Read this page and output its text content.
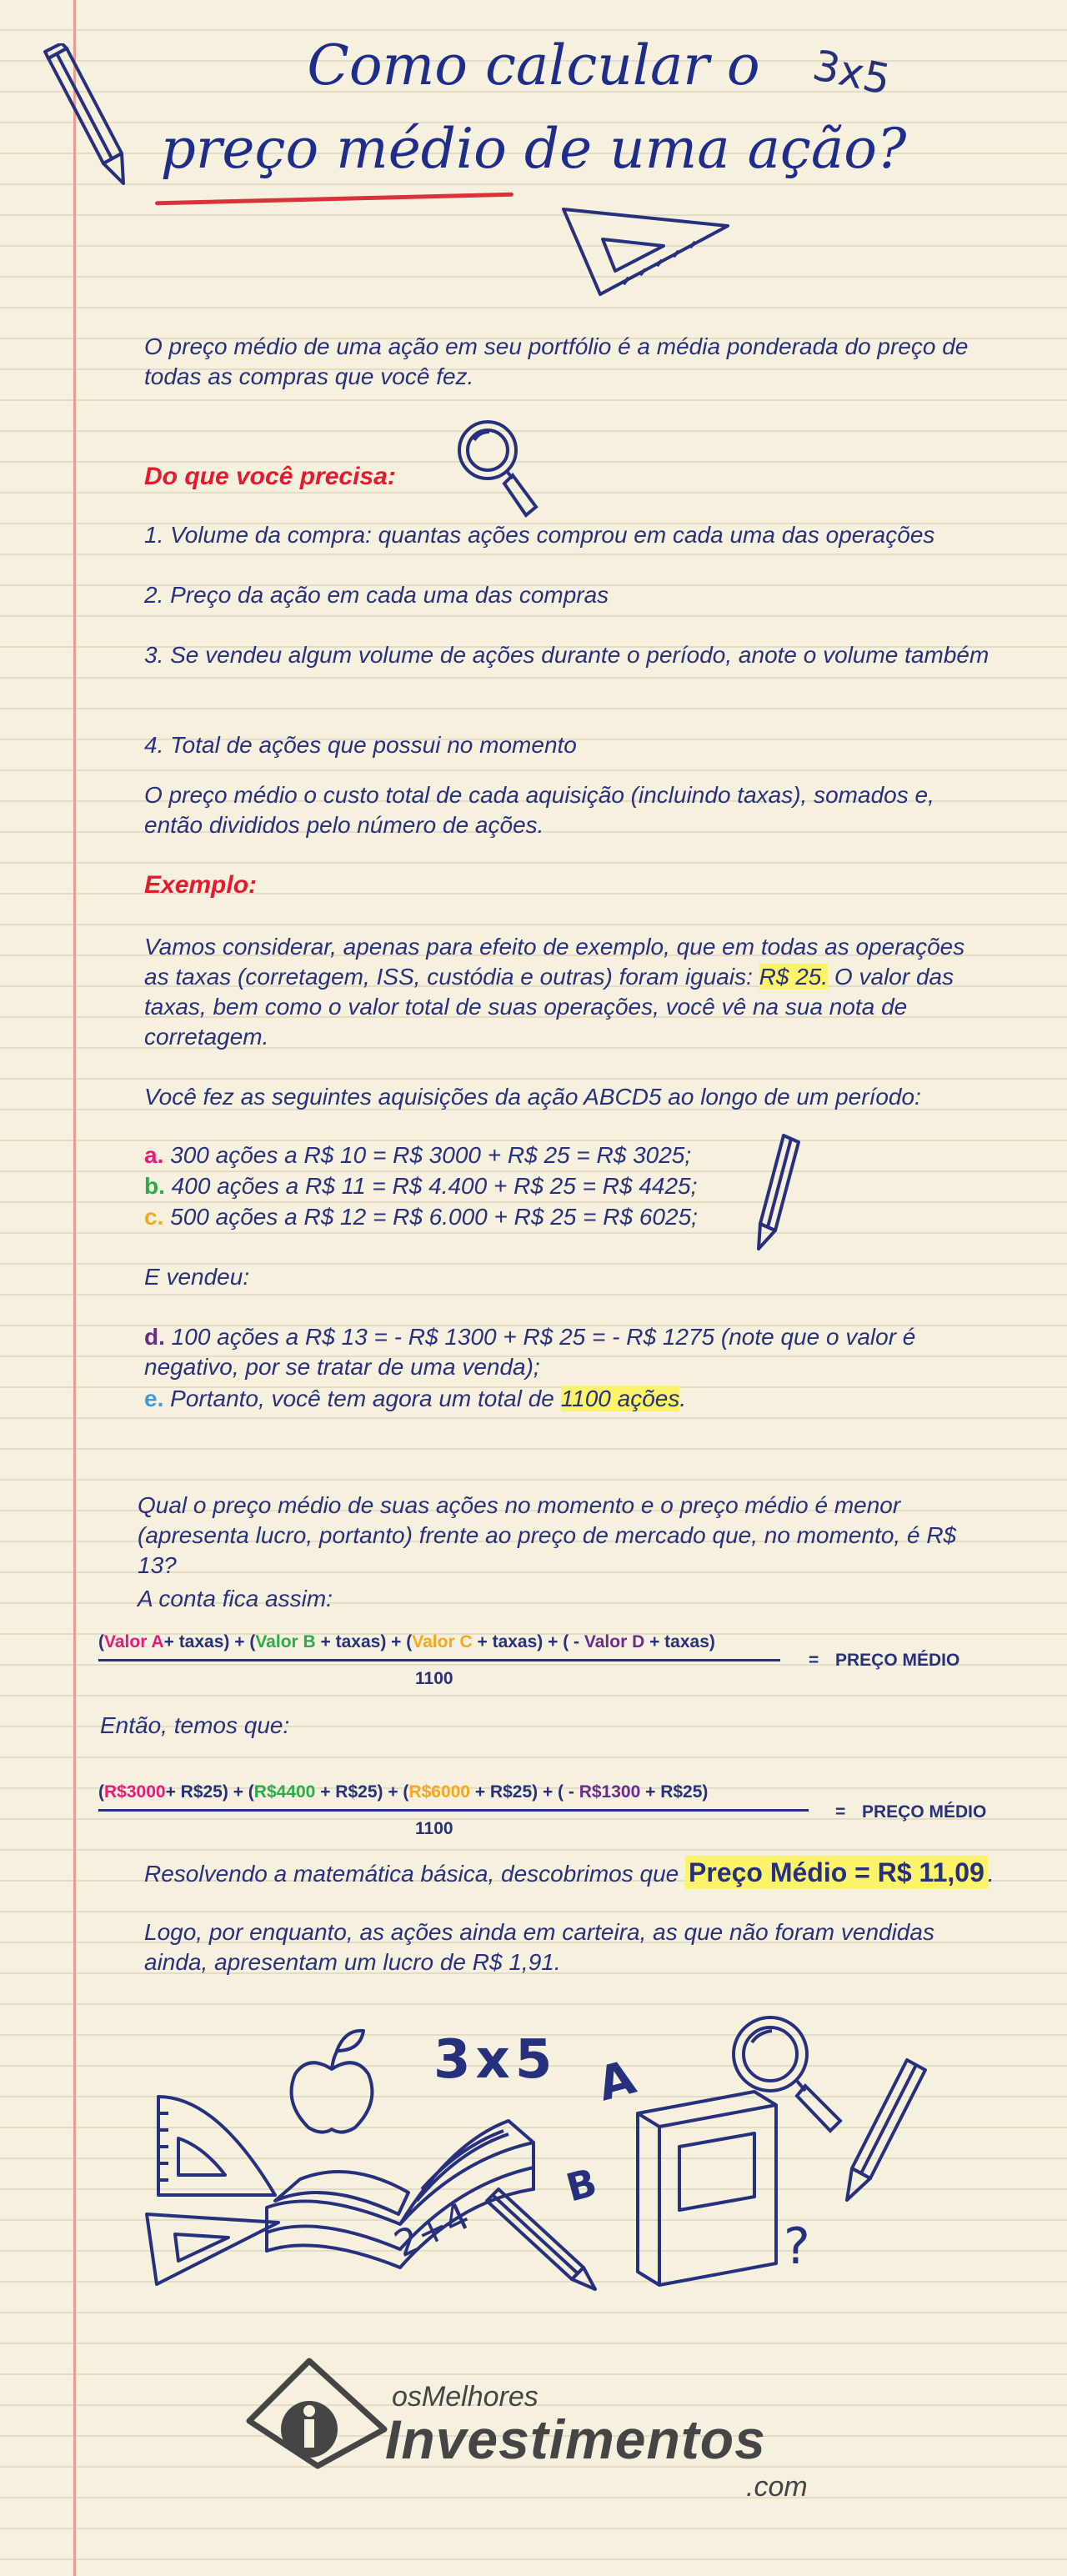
Como calcular o
preço médio de uma ação?
3x5
O preço médio de uma ação em seu portfólio é a média ponderada do preço de todas as compras que você fez.
Do que você precisa:
1. Volume da compra: quantas ações comprou em cada uma das operações
2. Preço da ação em cada uma das compras
3. Se vendeu algum volume de ações durante o período, anote o volume também
4. Total de ações que possui no momento
O preço médio o custo total de cada aquisição (incluindo taxas), somados e, então divididos pelo número de ações.
Exemplo:
Vamos considerar, apenas para efeito de exemplo, que em todas as operações as taxas (corretagem, ISS, custódia e outras) foram iguais: R$ 25. O valor das taxas, bem como o valor total de suas operações, você vê na sua nota de corretagem.
Você fez as seguintes aquisições da ação ABCD5 ao longo de um período:
a. 300 ações a R$ 10 = R$ 3000 + R$ 25 = R$ 3025;
b. 400 ações a R$ 11 = R$ 4.400 + R$ 25 = R$ 4425;
c. 500 ações a R$ 12 = R$ 6.000 + R$ 25 = R$ 6025;
E vendeu:
d. 100 ações a R$ 13 = - R$ 1300 + R$ 25 = - R$ 1275 (note que o valor é negativo, por se tratar de uma venda);
e. Portanto, você tem agora um total de 1100 ações.
Qual o preço médio de suas ações no momento e o preço médio é menor (apresenta lucro, portanto) frente ao preço de mercado que, no momento, é R$ 13?
A conta fica assim:
(Valor A+ taxas) + (Valor B + taxas) + (Valor C + taxas) + ( - Valor D + taxas)
1100
= PREÇO MÉDIO
Então, temos que:
(R$3000+ R$25) + (R$4400 + R$25) + (R$6000 + R$25) + ( - R$1300 + R$25)
1100
= PREÇO MÉDIO
Resolvendo a matemática básica, descobrimos que Preço Médio = R$ 11,09 .
Logo, por enquanto, as ações ainda em carteira, as que não foram vendidas ainda, apresentam um lucro de R$ 1,91.
3x5 A
B
2+4	?
osMelhores
Investimentos
.com
